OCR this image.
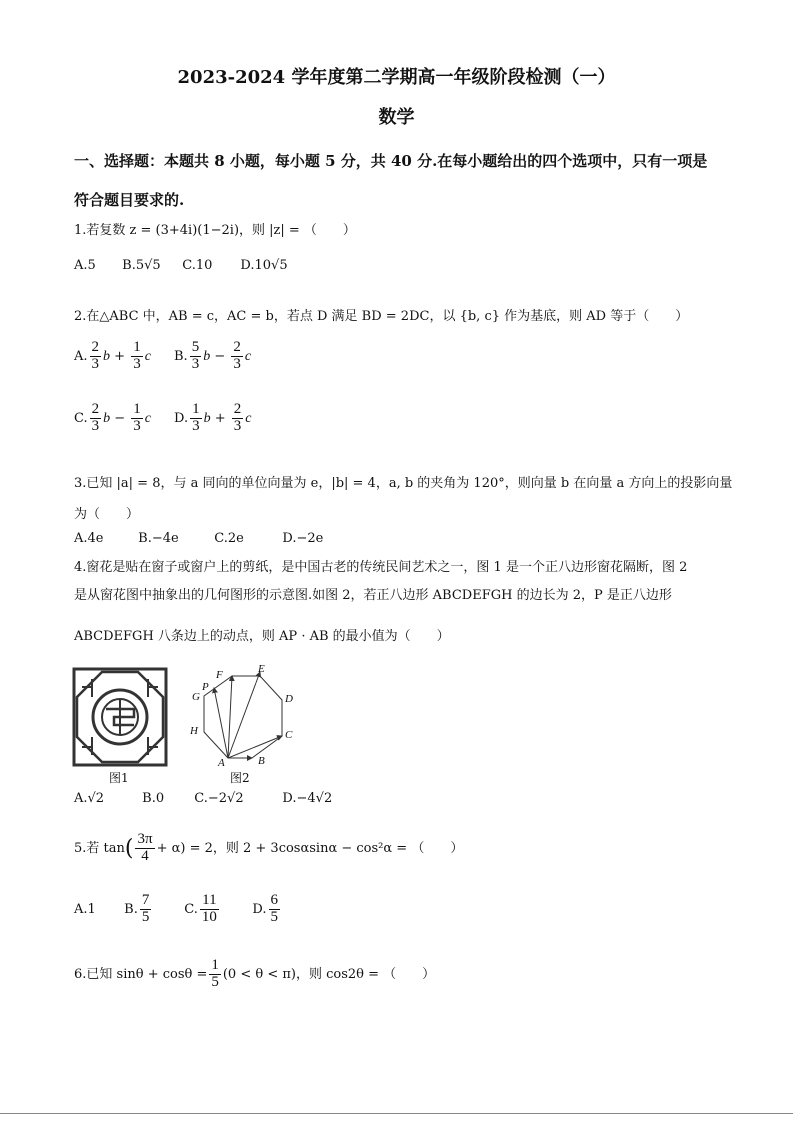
2023-2024 学年度第二学期高一年级阶段检测（一）
数学
一、选择题：本题共 8 小题，每小题 5 分，共 40 分.在每小题给出的四个选项中，只有一项是
符合题目要求的.
1.若复数 z = (3+4i)(1−2i)，则 |z| = （　　）
A.5 B.5√5 C.10 D.10√5
2.在△ABC 中，AB = c，AC = b，若点 D 满足 BD = 2DC，以 {b, c} 作为基底，则 AD 等于（　　）
A. $\frac{2}{3}$ $b + \frac{1}{3}$ c B. $\frac{5}{3}$ $b - \frac{2}{3}$ c
C. $\frac{2}{3}$ $b - \frac{1}{3}$ c D. $\frac{1}{3}$ $b + \frac{2}{3}$ c
3.已知 |a| = 8，与 a 同向的单位向量为 e，|b| = 4，a, b 的夹角为 120°，则向量 b 在向量 a 方向上的投影向量
为（　　）
A.4e	B.−4e	C.2e	D.−2e
4.窗花是贴在窗子或窗户上的剪纸，是中国古老的传统民间艺术之一，图 1 是一个正八边形窗花隔断，图 2
是从窗花图中抽象出的几何图形的示意图.如图 2，若正八边形 ABCDEFGH 的边长为 2，P 是正八边形
ABCDEFGH 八条边上的动点，则 AP · AB 的最小值为（　　）
图1
A	B
C
D
E
F
G
H
P
图2
A.√2	B.0 C.−2√2	D.−4√2
5.若 $\tan( \frac{3\pi}{4} + \alpha) = 2$，则 2 + 3cosαsinα − cos²α = （　　）
A.1 B. $\frac{7}{5}$	C. $\frac{11}{10}$	D. $\frac{6}{5}$
6.已知 $\sin\theta + \cos\theta = \frac{1}{5} (0 < \theta < \pi)$，则 cos2θ = （　　）
